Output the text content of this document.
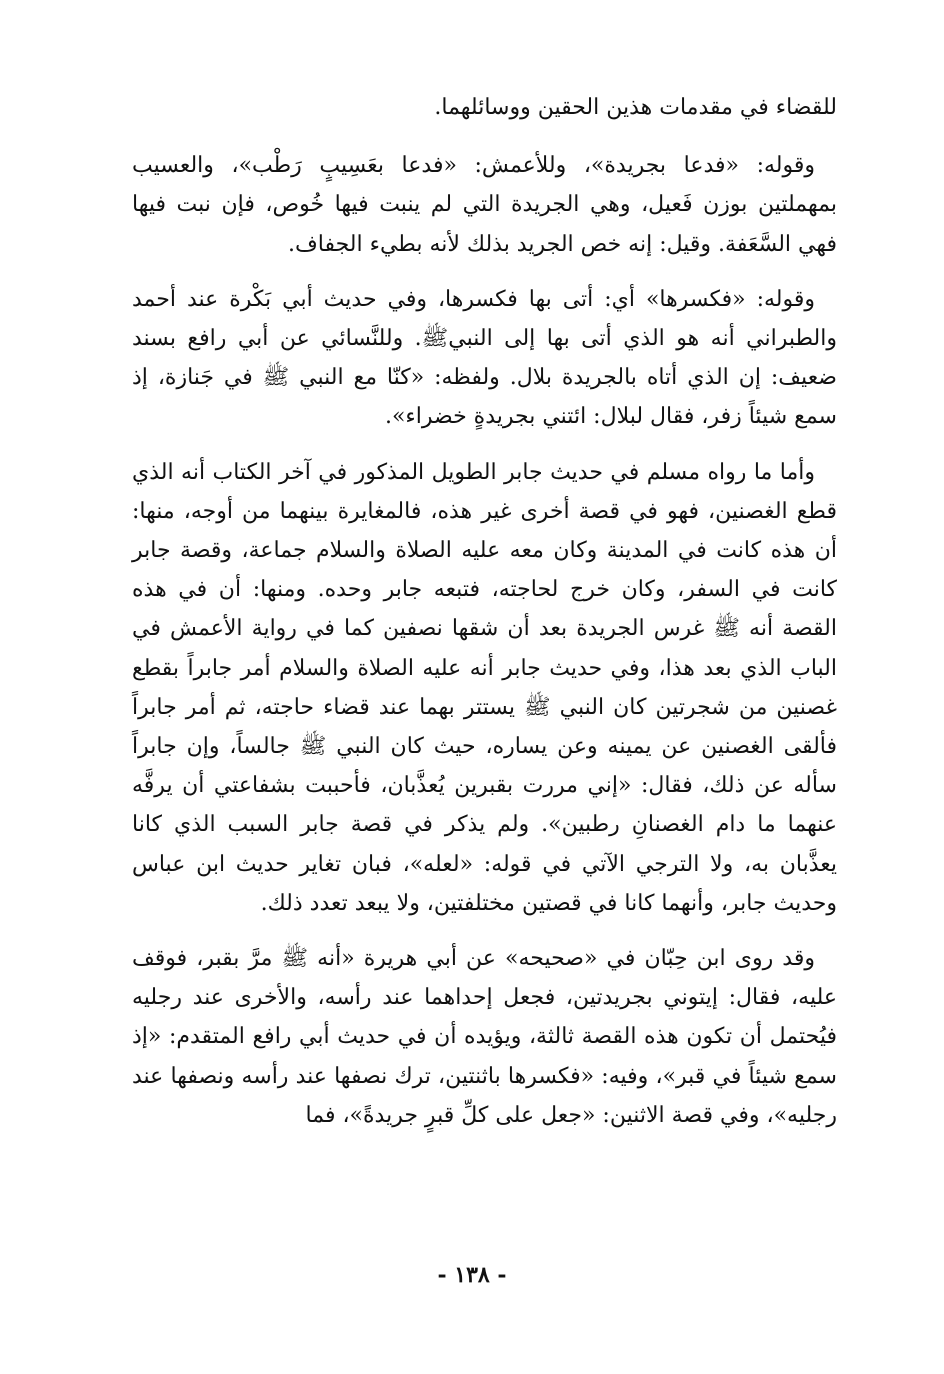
للقضاء في مقدمات هذين الحقين ووسائلهما.

وقوله: «فدعا بجريدة»، وللأعمش: «فدعا بعَسِيبٍ رَطْب»، والعسيب بمهملتين بوزن فَعيل، وهي الجريدة التي لم ينبت فيها خُوص، فإن نبت فيها فهي السَّعَفة. وقيل: إنه خص الجريد بذلك لأنه بطيء الجفاف.

وقوله: «فكسرها» أي: أتى بها فكسرها، وفي حديث أبي بَكْرة عند أحمد والطبراني أنه هو الذي أتى بها إلى النبيﷺ. وللنَّسائي عن أبي رافع بسند ضعيف: إن الذي أتاه بالجريدة بلال. ولفظه: «كنّا مع النبي ﷺ في جَنازة، إذ سمع شيئاً زفر، فقال لبلال: ائتني بجريدةٍ خضراء».

وأما ما رواه مسلم في حديث جابر الطويل المذكور في آخر الكتاب أنه الذي قطع الغصنين، فهو في قصة أخرى غير هذه، فالمغايرة بينهما من أوجه، منها: أن هذه كانت في المدينة وكان معه عليه الصلاة والسلام جماعة، وقصة جابر كانت في السفر، وكان خرج لحاجته، فتبعه جابر وحده. ومنها: أن في هذه القصة أنه ﷺ غرس الجريدة بعد أن شقها نصفين كما في رواية الأعمش في الباب الذي بعد هذا، وفي حديث جابر أنه عليه الصلاة والسلام أمر جابراً بقطع غصنين من شجرتين كان النبي ﷺ يستتر بهما عند قضاء حاجته، ثم أمر جابراً فألقى الغصنين عن يمينه وعن يساره، حيث كان النبي ﷺ جالساً، وإن جابراً سأله عن ذلك، فقال: «إني مررت بقبرين يُعذَّبان، فأحببت بشفاعتي أن يرفَّه عنهما ما دام الغصنانِ رطبين». ولم يذكر في قصة جابر السبب الذي كانا يعذَّبان به، ولا الترجي الآتي في قوله: «لعله»، فبان تغاير حديث ابن عباس وحديث جابر، وأنهما كانا في قصتين مختلفتين، ولا يبعد تعدد ذلك.

وقد روى ابن حِبّان في «صحيحه» عن أبي هريرة «أنه ﷺ مرَّ بقبر، فوقف عليه، فقال: إيتوني بجريدتين، فجعل إحداهما عند رأسه، والأخرى عند رجليه فيُحتمل أن تكون هذه القصة ثالثة، ويؤيده أن في حديث أبي رافع المتقدم: «إذ سمع شيئاً في قبر»، وفيه: «فكسرها باثنتين، ترك نصفها عند رأسه ونصفها عند رجليه»، وفي قصة الاثنين: «جعل على كلِّ قبرٍ جريدةً»، فما

- ١٣٨ -
